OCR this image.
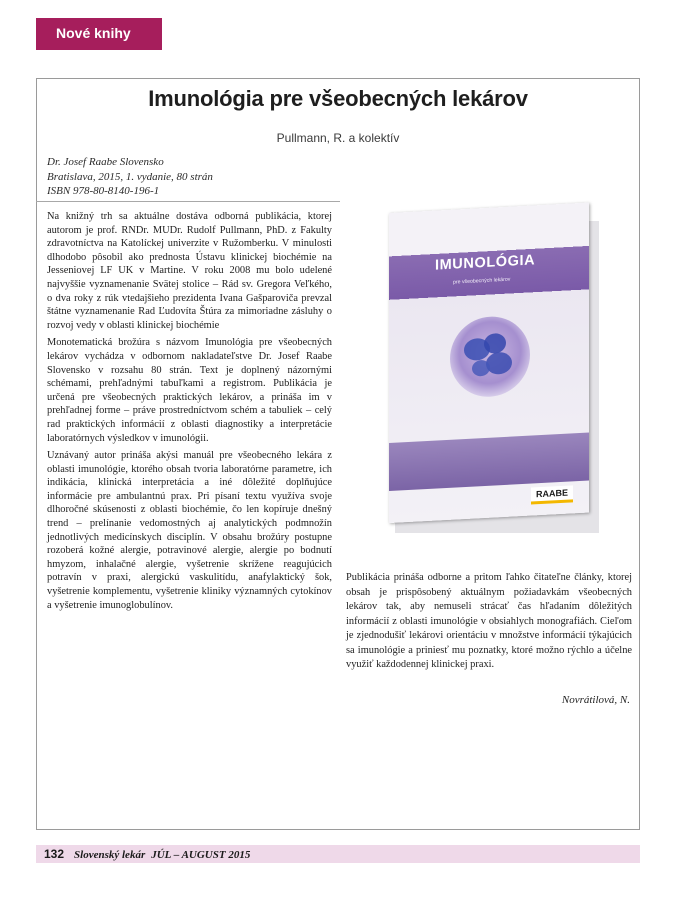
Nové knihy
Imunológia pre všeobecných lekárov
Pullmann, R. a kolektív
Dr. Josef Raabe Slovensko
Bratislava, 2015, 1. vydanie, 80 strán
ISBN 978-80-8140-196-1

Na knižný trh sa aktuálne dostáva odborná publikácia, ktorej autorom je prof. RNDr. MUDr. Rudolf Pullmann, PhD. z Fakulty zdravotníctva na Katolíckej univerzite v Ružomberku. V minulosti dlhodobo pôsobil ako prednosta Ústavu klinickej biochémie na Jesseniovej LF UK v Martine. V roku 2008 mu bolo udelené najvyššie vyznamenanie Svätej stolice – Rád sv. Gregora Veľkého, o dva roky z rúk vtedajšieho prezidenta Ivana Gašparoviča prevzal štátne vyznamenanie Rad Ľudovíta Štúra za mimoriadne zásluhy o rozvoj vedy v oblasti klinickej biochémie

Monotematická brožúra s názvom Imunológia pre všeobecných lekárov vychádza v odbornom nakladateľstve Dr. Josef Raabe Slovensko v rozsahu 80 strán. Text je doplnený názornými schémami, prehľadnými tabuľkami a registrom. Publikácia je určená pre všeobecných praktických lekárov, a prináša im v prehľadnej forme – práve prostredníctvom schém a tabuliek – celý rad praktických informácií z oblasti diagnostiky a interpretácie laboratórnych výsledkov v imunológii.

Uznávaný autor prináša akýsi manuál pre všeobecného lekára z oblasti imunológie, ktorého obsah tvoria laboratórne parametre, ich indikácia, klinická interpretácia a iné dôležité doplňujúce informácie pre ambulantnú prax. Pri písaní textu využíva svoje dlhoročné skúsenosti z oblasti biochémie, čo len kopíruje dnešný trend – prelínanie vedomostných aj analytických podmnožín jednotlivých medicínskych disciplín. V obsahu brožúry postupne rozoberá kožné alergie, potravinové alergie, alergie po bodnutí hmyzom, inhalačné alergie, vyšetrenie skrížene reagujúcich potravín v praxi, alergickú vaskulitídu, anafylaktický šok, vyšetrenie komplementu, vyšetrenie kliniky významných cytokínov a vyšetrenie imunoglobulínov.

IMUNOLÓGIA
pre všeobecných lekárov
RAABE

Publikácia prináša odborne a pritom ľahko čitateľne články, ktorej obsah je prispôsobený aktuálnym požiadavkám všeobecných lekárov tak, aby nemuseli strácať čas hľadaním dôležitých informácií z oblasti imunológie v obsiahlych monografiách. Cieľom je zjednodušiť lekárovi orientáciu v množstve informácií týkajúcich sa imunológie a priniesť mu poznatky, ktoré možno rýchlo a účelne využiť každodennej klinickej praxi.

Novrátilová, N.
132 Slovenský lekár JÚL – AUGUST 2015
